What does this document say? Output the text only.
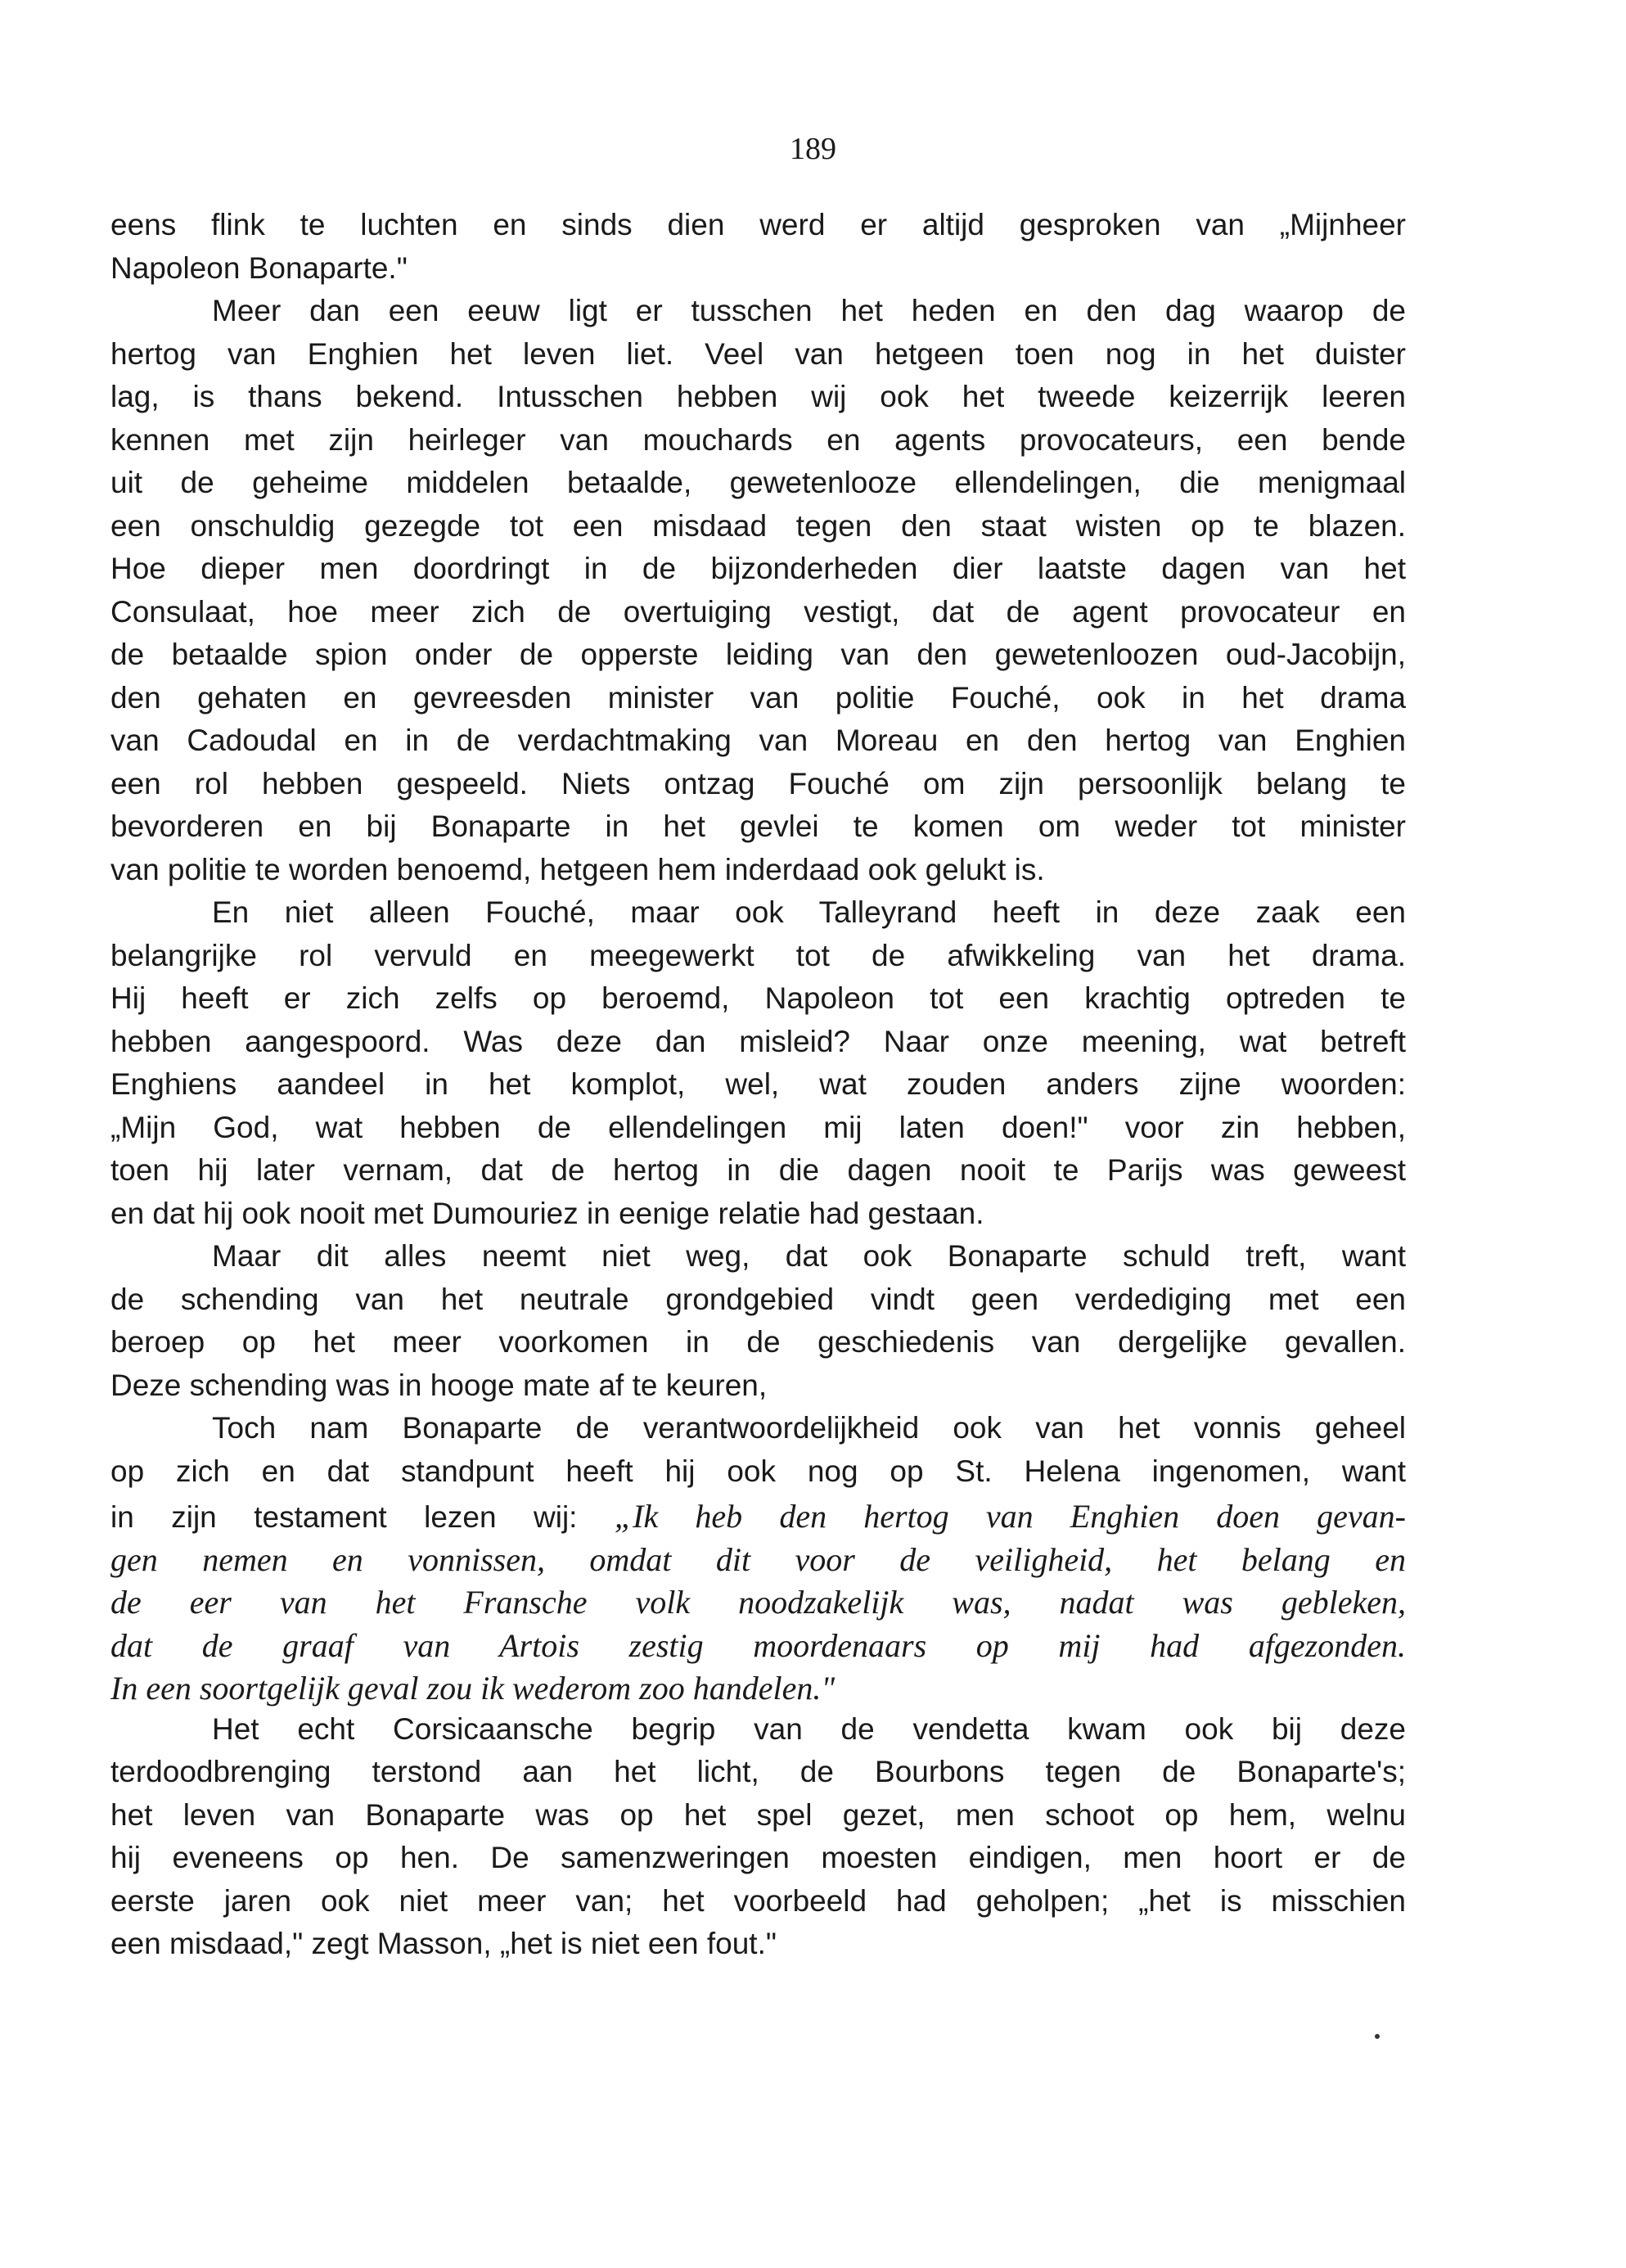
189
eens flink te luchten en sinds dien werd er altijd gesproken van „Mijnheer
Napoleon Bonaparte."
Meer dan een eeuw ligt er tusschen het heden en den dag waarop de
hertog van Enghien het leven liet. Veel van hetgeen toen nog in het duister
lag, is thans bekend. Intusschen hebben wij ook het tweede keizerrijk leeren
kennen met zijn heirleger van mouchards en agents provocateurs, een bende
uit de geheime middelen betaalde, gewetenlooze ellendelingen, die menigmaal
een onschuldig gezegde tot een misdaad tegen den staat wisten op te blazen.
Hoe dieper men doordringt in de bijzonderheden dier laatste dagen van het
Consulaat, hoe meer zich de overtuiging vestigt, dat de agent provocateur en
de betaalde spion onder de opperste leiding van den gewetenloozen oud-Jacobijn,
den gehaten en gevreesden minister van politie Fouché, ook in het drama
van Cadoudal en in de verdachtmaking van Moreau en den hertog van Enghien
een rol hebben gespeeld. Niets ontzag Fouché om zijn persoonlijk belang te
bevorderen en bij Bonaparte in het gevlei te komen om weder tot minister
van politie te worden benoemd, hetgeen hem inderdaad ook gelukt is.
En niet alleen Fouché, maar ook Talleyrand heeft in deze zaak een
belangrijke rol vervuld en meegewerkt tot de afwikkeling van het drama.
Hij heeft er zich zelfs op beroemd, Napoleon tot een krachtig optreden te
hebben aangespoord. Was deze dan misleid? Naar onze meening, wat betreft
Enghiens aandeel in het komplot, wel, wat zouden anders zijne woorden:
„Mijn God, wat hebben de ellendelingen mij laten doen!" voor zin hebben,
toen hij later vernam, dat de hertog in die dagen nooit te Parijs was geweest
en dat hij ook nooit met Dumouriez in eenige relatie had gestaan.
Maar dit alles neemt niet weg, dat ook Bonaparte schuld treft, want
de schending van het neutrale grondgebied vindt geen verdediging met een
beroep op het meer voorkomen in de geschiedenis van dergelijke gevallen.
Deze schending was in hooge mate af te keuren,
Toch nam Bonaparte de verantwoordelijkheid ook van het vonnis geheel
op zich en dat standpunt heeft hij ook nog op St. Helena ingenomen, want
in zijn testament lezen wij: „Ik heb den hertog van Enghien doen gevan-
gen nemen en vonnissen, omdat dit voor de veiligheid, het belang en
de eer van het Fransche volk noodzakelijk was, nadat was gebleken,
dat de graaf van Artois zestig moordenaars op mij had afgezonden.
In een soortgelijk geval zou ik wederom zoo handelen."
Het echt Corsicaansche begrip van de vendetta kwam ook bij deze
terdoodbrenging terstond aan het licht, de Bourbons tegen de Bonaparte's;
het leven van Bonaparte was op het spel gezet, men schoot op hem, welnu
hij eveneens op hen. De samenzweringen moesten eindigen, men hoort er de
eerste jaren ook niet meer van; het voorbeeld had geholpen; „het is misschien
een misdaad," zegt Masson, „het is niet een fout."
